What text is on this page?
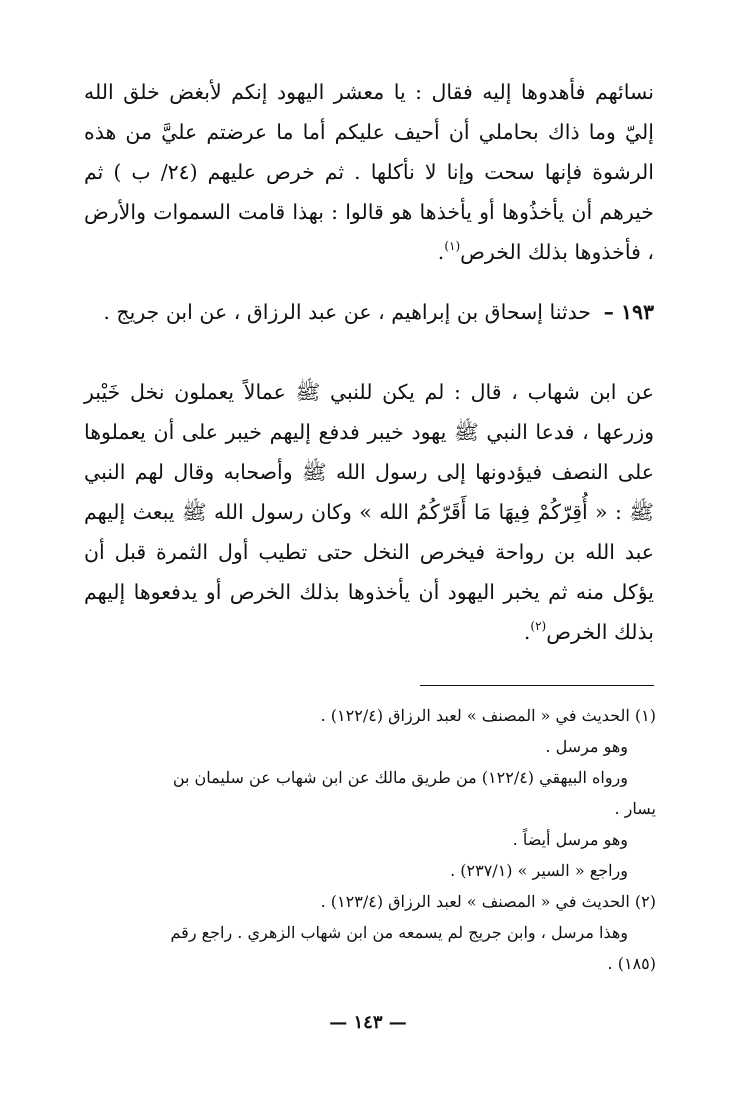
نسائهم فأهدوها إليه فقال : يا معشر اليهود إنكم لأبغض خلق الله إليّ وما ذاك بحاملي أن أحيف عليكم أما ما عرضتم عليَّ من هذه الرشوة فإنها سحت وإنا لا نأكلها . ثم خرص عليهم (٢٤/ ب ) ثم خيرهم أن يأخذُوها أو يأخذها هو قالوا : بهذا قامت السموات والأرض ، فأخذوها بذلك الخرص$^{(١)}$.

١٩٣ – حدثنا إسحاق بن إبراهيم ، عن عبد الرزاق ، عن ابن جريج .

عن ابن شهاب ، قال : لم يكن للنبي ﷺ عمالاً يعملون نخل خَيْبر وزرعها ، فدعا النبي ﷺ يهود خيبر فدفع إليهم خيبر على أن يعملوها على النصف فيؤدونها إلى رسول الله ﷺ وأصحابه وقال لهم النبي ﷺ : « أُقِرّكُمْ فِيهَا مَا أَقَرّكُمُ الله » وكان رسول الله ﷺ يبعث إليهم عبد الله بن رواحة فيخرص النخل حتى تطيب أول الثمرة قبل أن يؤكل منه ثم يخبر اليهود أن يأخذوها بذلك الخرص أو يدفعوها إليهم بذلك الخرص$^{(٢)}$.

(١) الحديث في « المصنف » لعبد الرزاق (١٢٢/٤) .

وهو مرسل .

ورواه البيهقي (١٢٢/٤) من طريق مالك عن ابن شهاب عن سليمان بن

يسار .

وهو مرسل أيضاً .

وراجع « السير » (٢٣٧/١) .

(٢) الحديث في « المصنف » لعبد الرزاق (١٢٣/٤) .

وهذا مرسل ، وابن جريج لم يسمعه من ابن شهاب الزهري . راجع رقم

(١٨٥) .

— ١٤٣ —
